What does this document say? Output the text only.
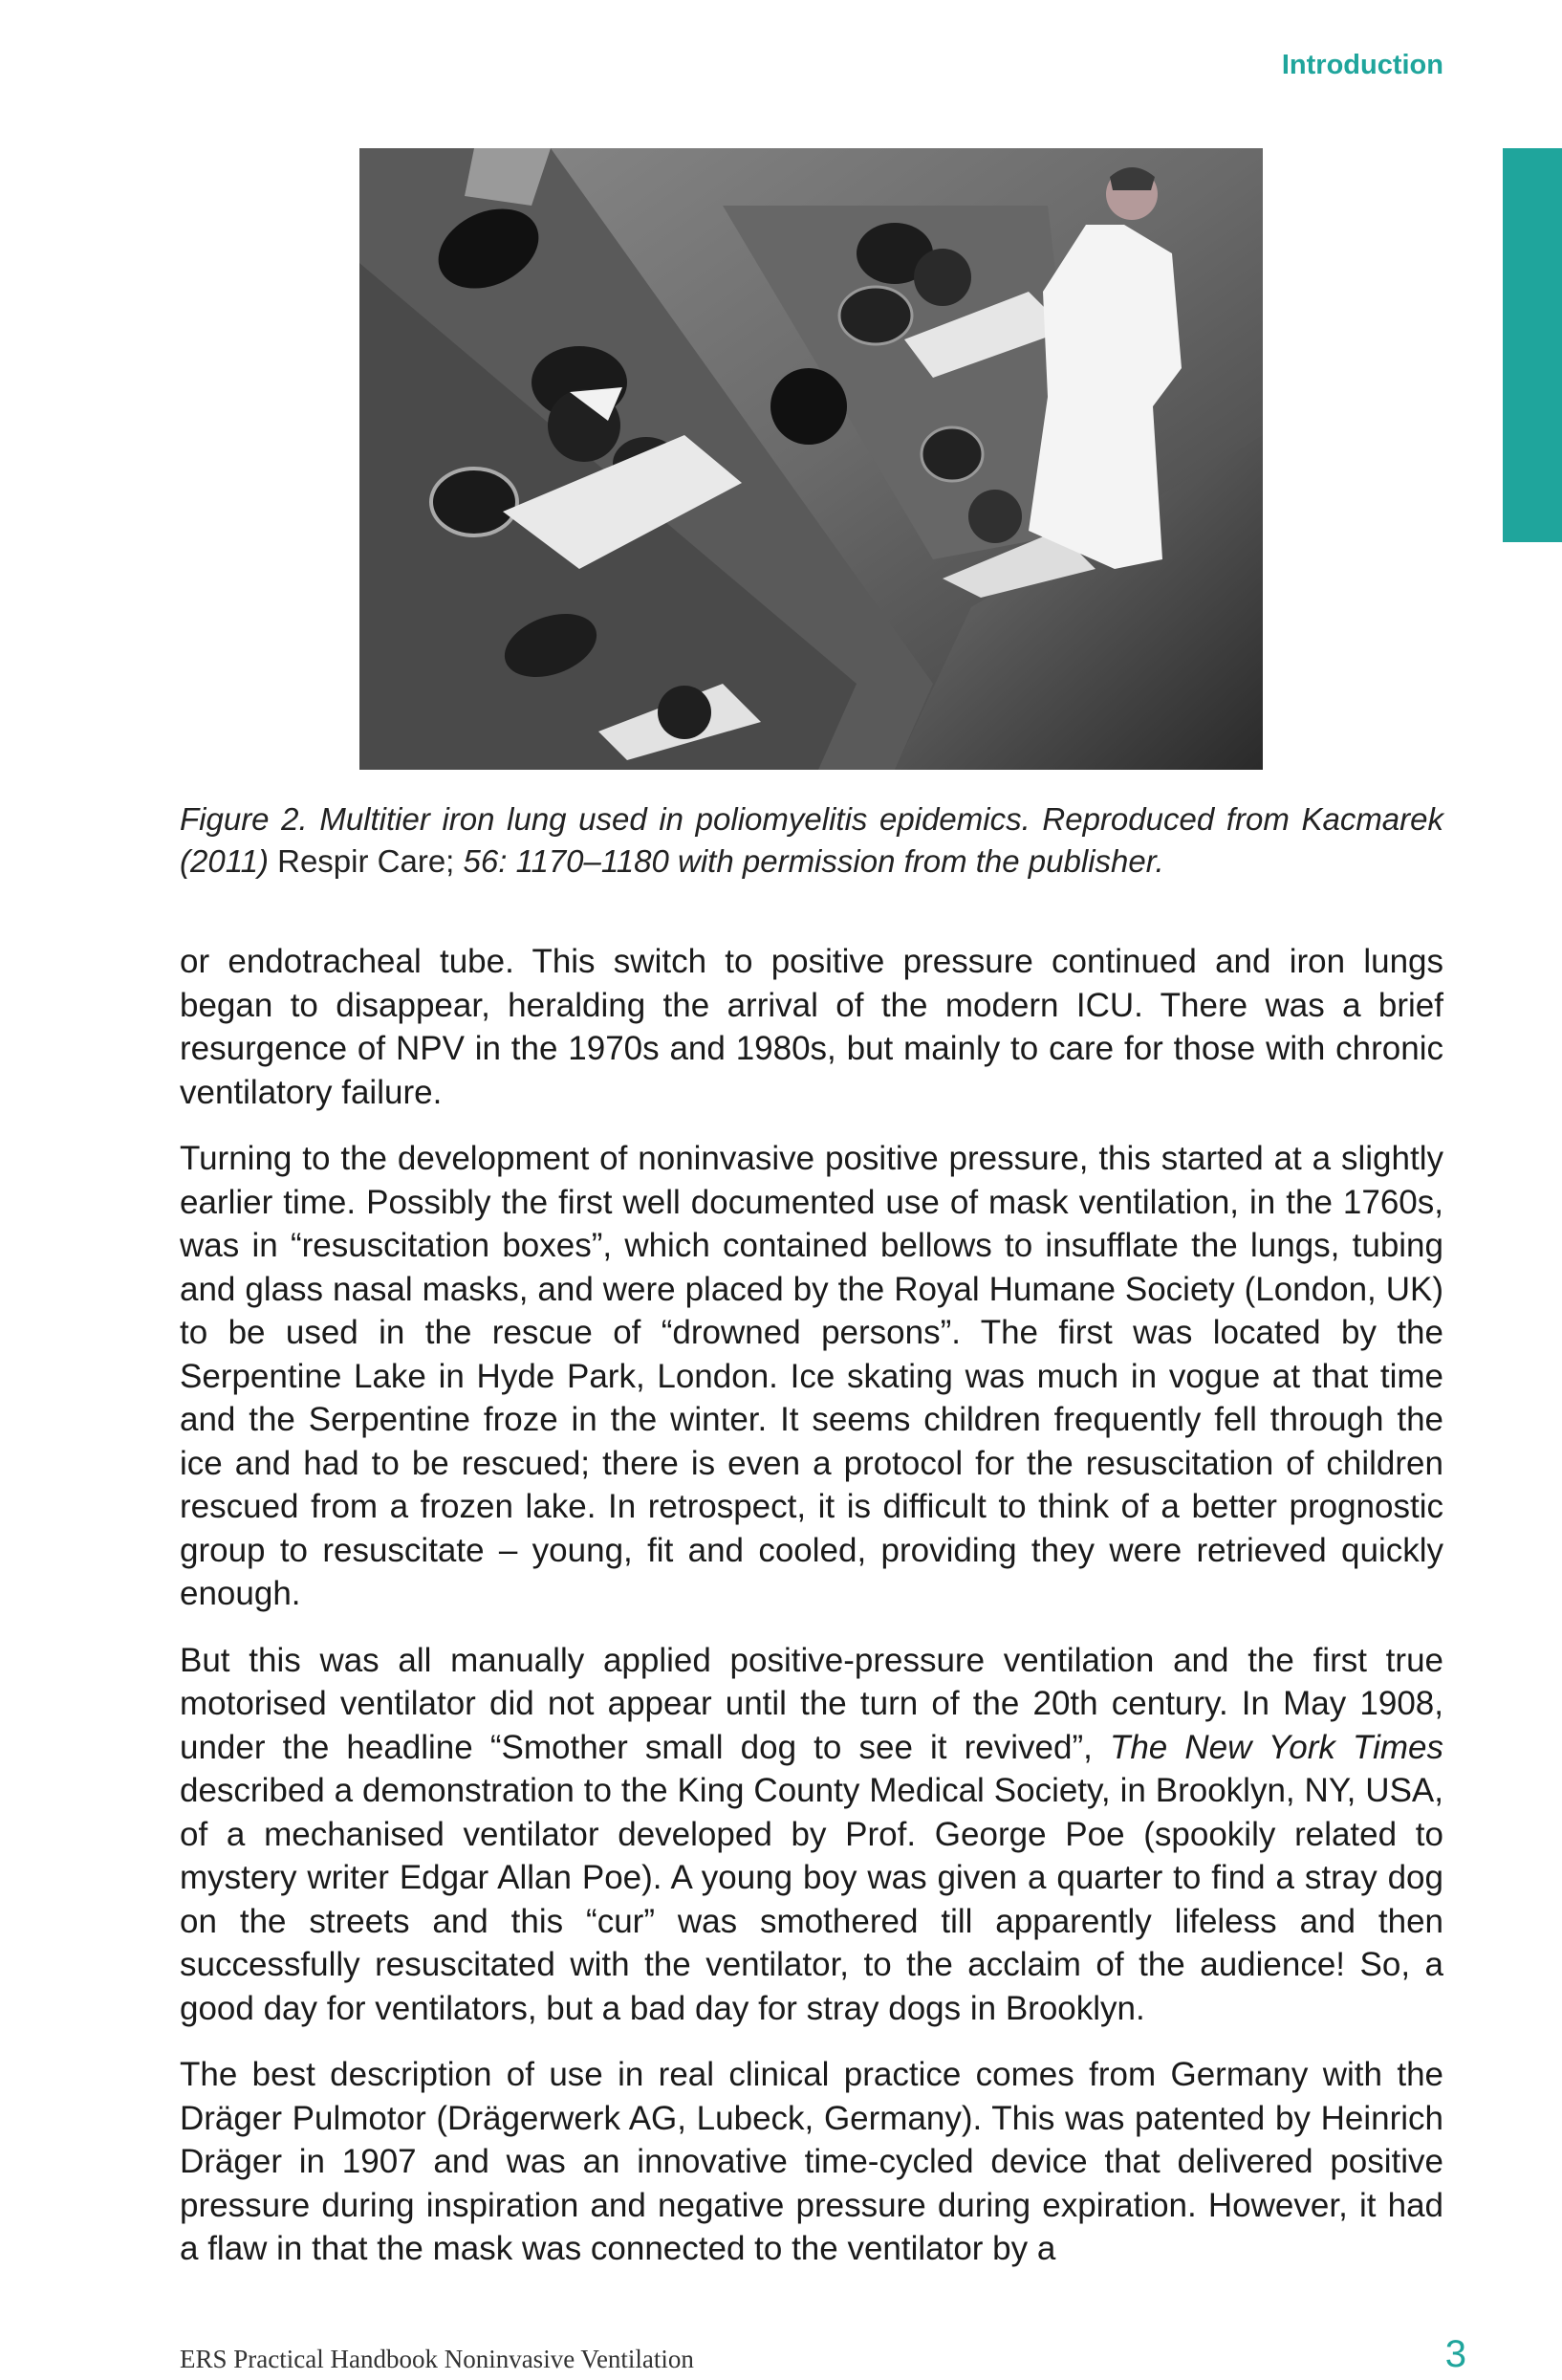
Introduction

Figure 2. Multitier iron lung used in poliomyelitis epidemics. Reproduced from Kacmarek (2011) Respir Care; 56: 1170–1180 with permission from the publisher.

or endotracheal tube. This switch to positive pressure continued and iron lungs began to disappear, heralding the arrival of the modern ICU. There was a brief resurgence of NPV in the 1970s and 1980s, but mainly to care for those with chronic ventilatory failure.

Turning to the development of noninvasive positive pressure, this started at a slightly earlier time. Possibly the first well documented use of mask ventilation, in the 1760s, was in “resuscitation boxes”, which contained bellows to insufflate the lungs, tubing and glass nasal masks, and were placed by the Royal Humane Society (London, UK) to be used in the rescue of “drowned persons”. The first was located by the Serpentine Lake in Hyde Park, London. Ice skating was much in vogue at that time and the Serpentine froze in the winter. It seems children frequently fell through the ice and had to be rescued; there is even a protocol for the resuscitation of children rescued from a frozen lake. In retrospect, it is difficult to think of a better prognostic group to resuscitate – young, fit and cooled, providing they were retrieved quickly enough.

But this was all manually applied positive-pressure ventilation and the first true motorised ventilator did not appear until the turn of the 20th century. In May 1908, under the headline “Smother small dog to see it revived”, The New York Times described a demonstration to the King County Medical Society, in Brooklyn, NY, USA, of a mechanised ventilator developed by Prof. George Poe (spookily related to mystery writer Edgar Allan Poe). A young boy was given a quarter to find a stray dog on the streets and this “cur” was smothered till apparently lifeless and then successfully resuscitated with the ventilator, to the acclaim of the audience! So, a good day for ventilators, but a bad day for stray dogs in Brooklyn.

The best description of use in real clinical practice comes from Germany with the Dräger Pulmotor (Drägerwerk AG, Lubeck, Germany). This was patented by Heinrich Dräger in 1907 and was an innovative time-cycled device that delivered positive pressure during inspiration and negative pressure during expiration. However, it had a flaw in that the mask was connected to the ventilator by a

ERS Practical Handbook Noninvasive Ventilation	3
